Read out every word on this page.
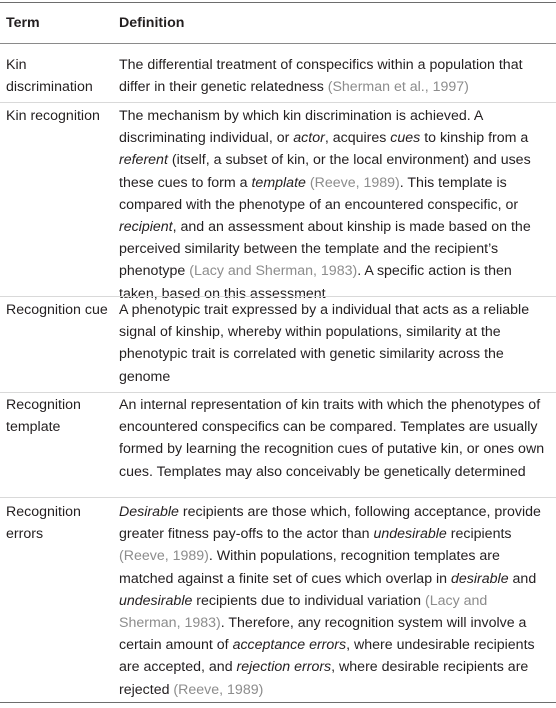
Term	Definition
Kin discrimination
The differential treatment of conspecifics within a population that differ in their genetic relatedness (Sherman et al., 1997)
Kin recognition	The mechanism by which kin discrimination is achieved. A discriminating individual, or actor, acquires cues to kinship from a referent (itself, a subset of kin, or the local environment) and uses these cues to form a template (Reeve, 1989). This template is compared with the phenotype of an encountered conspecific, or recipient, and an assessment about kinship is made based on the perceived similarity between the template and the recipient’s phenotype (Lacy and Sherman, 1983). A specific action is then taken, based on this assessment
Recognition cue A phenotypic trait expressed by a individual that acts as a reliable signal of kinship, whereby within populations, similarity at the phenotypic trait is correlated with genetic similarity across the genome
Recognition template
An internal representation of kin traits with which the phenotypes of encountered conspecifics can be compared. Templates are usually formed by learning the recognition cues of putative kin, or ones own cues. Templates may also conceivably be genetically determined
Recognition errors
Desirable recipients are those which, following acceptance, provide greater fitness pay-offs to the actor than undesirable recipients (Reeve, 1989). Within populations, recognition templates are matched against a finite set of cues which overlap in desirable and undesirable recipients due to individual variation (Lacy and Sherman, 1983). Therefore, any recognition system will involve a certain amount of acceptance errors, where undesirable recipients are accepted, and rejection errors, where desirable recipients are rejected (Reeve, 1989)
